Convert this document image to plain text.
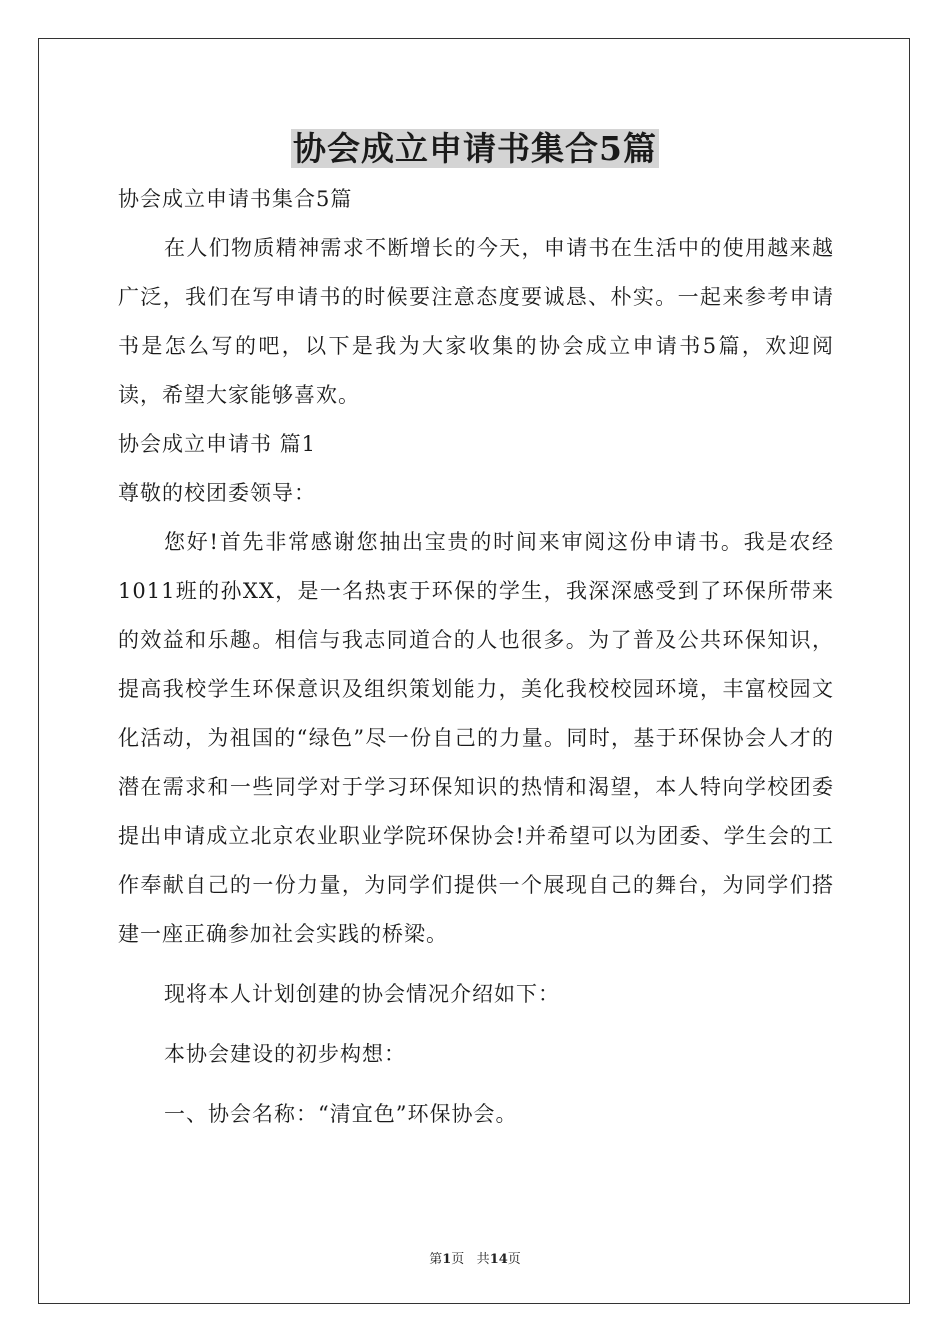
协会成立申请书集合5篇

协会成立申请书集合5篇

在人们物质精神需求不断增长的今天，申请书在生活中的使用越来越广泛，我们在写申请书的时候要注意态度要诚恳、朴实。一起来参考申请书是怎么写的吧，以下是我为大家收集的协会成立申请书5篇，欢迎阅读，希望大家能够喜欢。

协会成立申请书 篇1

尊敬的校团委领导：

您好!首先非常感谢您抽出宝贵的时间来审阅这份申请书。我是农经1011班的孙XX，是一名热衷于环保的学生，我深深感受到了环保所带来的效益和乐趣。相信与我志同道合的人也很多。为了普及公共环保知识，提高我校学生环保意识及组织策划能力，美化我校校园环境，丰富校园文化活动，为祖国的“绿色”尽一份自己的力量。同时，基于环保协会人才的潜在需求和一些同学对于学习环保知识的热情和渴望，本人特向学校团委提出申请成立北京农业职业学院环保协会!并希望可以为团委、学生会的工作奉献自己的一份力量，为同学们提供一个展现自己的舞台，为同学们搭建一座正确参加社会实践的桥梁。

现将本人计划创建的协会情况介绍如下：

本协会建设的初步构想：

一、协会名称：“清宜色”环保协会。

第1页 共14页
